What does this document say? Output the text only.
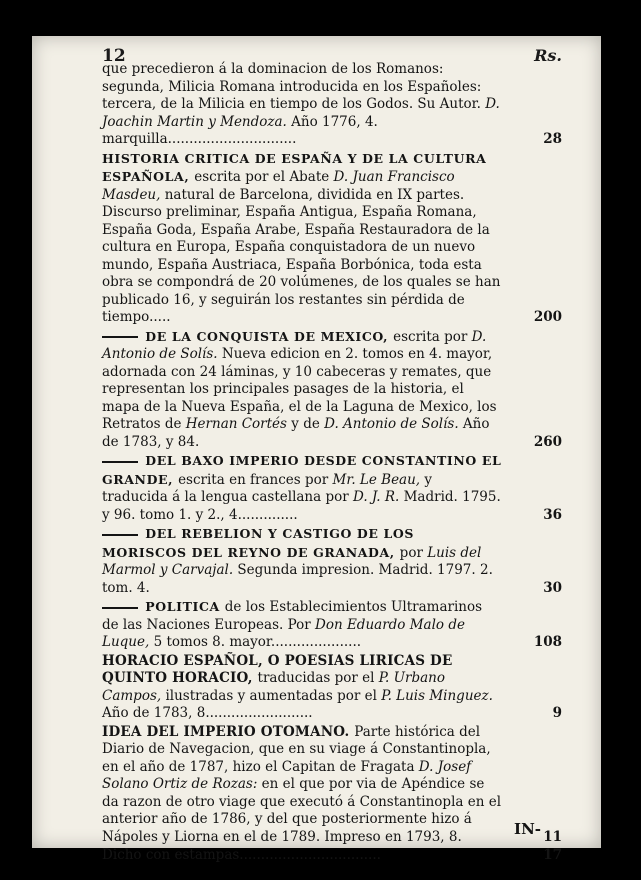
12	Rs.
que precedieron á la dominacion de los Romanos: segunda, Milicia Romana introducida en los Españoles: tercera, de la Milicia en tiempo de los Godos. Su Autor. D. Joachin Martin y Mendoza. Año 1776, 4. marquilla..............................	28
HISTORIA CRITICA DE ESPAÑA Y DE LA CULTURA ESPAÑOLA, escrita por el Abate D. Juan Francisco Masdeu, natural de Barcelona, dividida en IX partes. Discurso preliminar, España Antigua, España Romana, España Goda, España Arabe, España Restauradora de la cultura en Europa, España conquistadora de un nuevo mundo, España Austriaca, España Borbónica, toda esta obra se compondrá de 20 volúmenes, de los quales se han publicado 16, y seguirán los restantes sin pérdida de tiempo.....	200
DE LA CONQUISTA DE MEXICO, escrita por D. Antonio de Solís. Nueva edicion en 2. tomos en 4. mayor, adornada con 24 láminas, y 10 cabeceras y remates, que representan los principales pasages de la historia, el mapa de la Nueva España, el de la Laguna de Mexico, los Retratos de Hernan Cortés y de D. Antonio de Solís. Año de 1783, y 84.	260
DEL BAXO IMPERIO DESDE CONSTANTINO EL GRANDE, escrita en frances por Mr. Le Beau, y traducida á la lengua castellana por D. J. R. Madrid. 1795. y 96. tomo 1. y 2., 4..............	36
DEL REBELION Y CASTIGO DE LOS MORISCOS DEL REYNO DE GRANADA, por Luis del Marmol y Carvajal. Segunda impresion. Madrid. 1797. 2. tom. 4.	30
POLITICA de los Establecimientos Ultramarinos de las Naciones Europeas. Por Don Eduardo Malo de Luque, 5 tomos 8. mayor.....................	108
HORACIO ESPAÑOL, O POESIAS LIRICAS DE QUINTO HORACIO, traducidas por el P. Urbano Campos, ilustradas y aumentadas por el P. Luis Minguez. Año de 1783, 8.........................	9
IDEA DEL IMPERIO OTOMANO. Parte histórica del Diario de Navegacion, que en su viage á Constantinopla, en el año de 1787, hizo el Capitan de Fragata D. Josef Solano Ortiz de Rozas: en el que por via de Apéndice se da razon de otro viage que executó á Constantinopla en el anterior año de 1786, y del que posteriormente hizo á Nápoles y Liorna en el de 1789. Impreso en 1793, 8.	11
Dicho con estampas.................................	17
IN-
